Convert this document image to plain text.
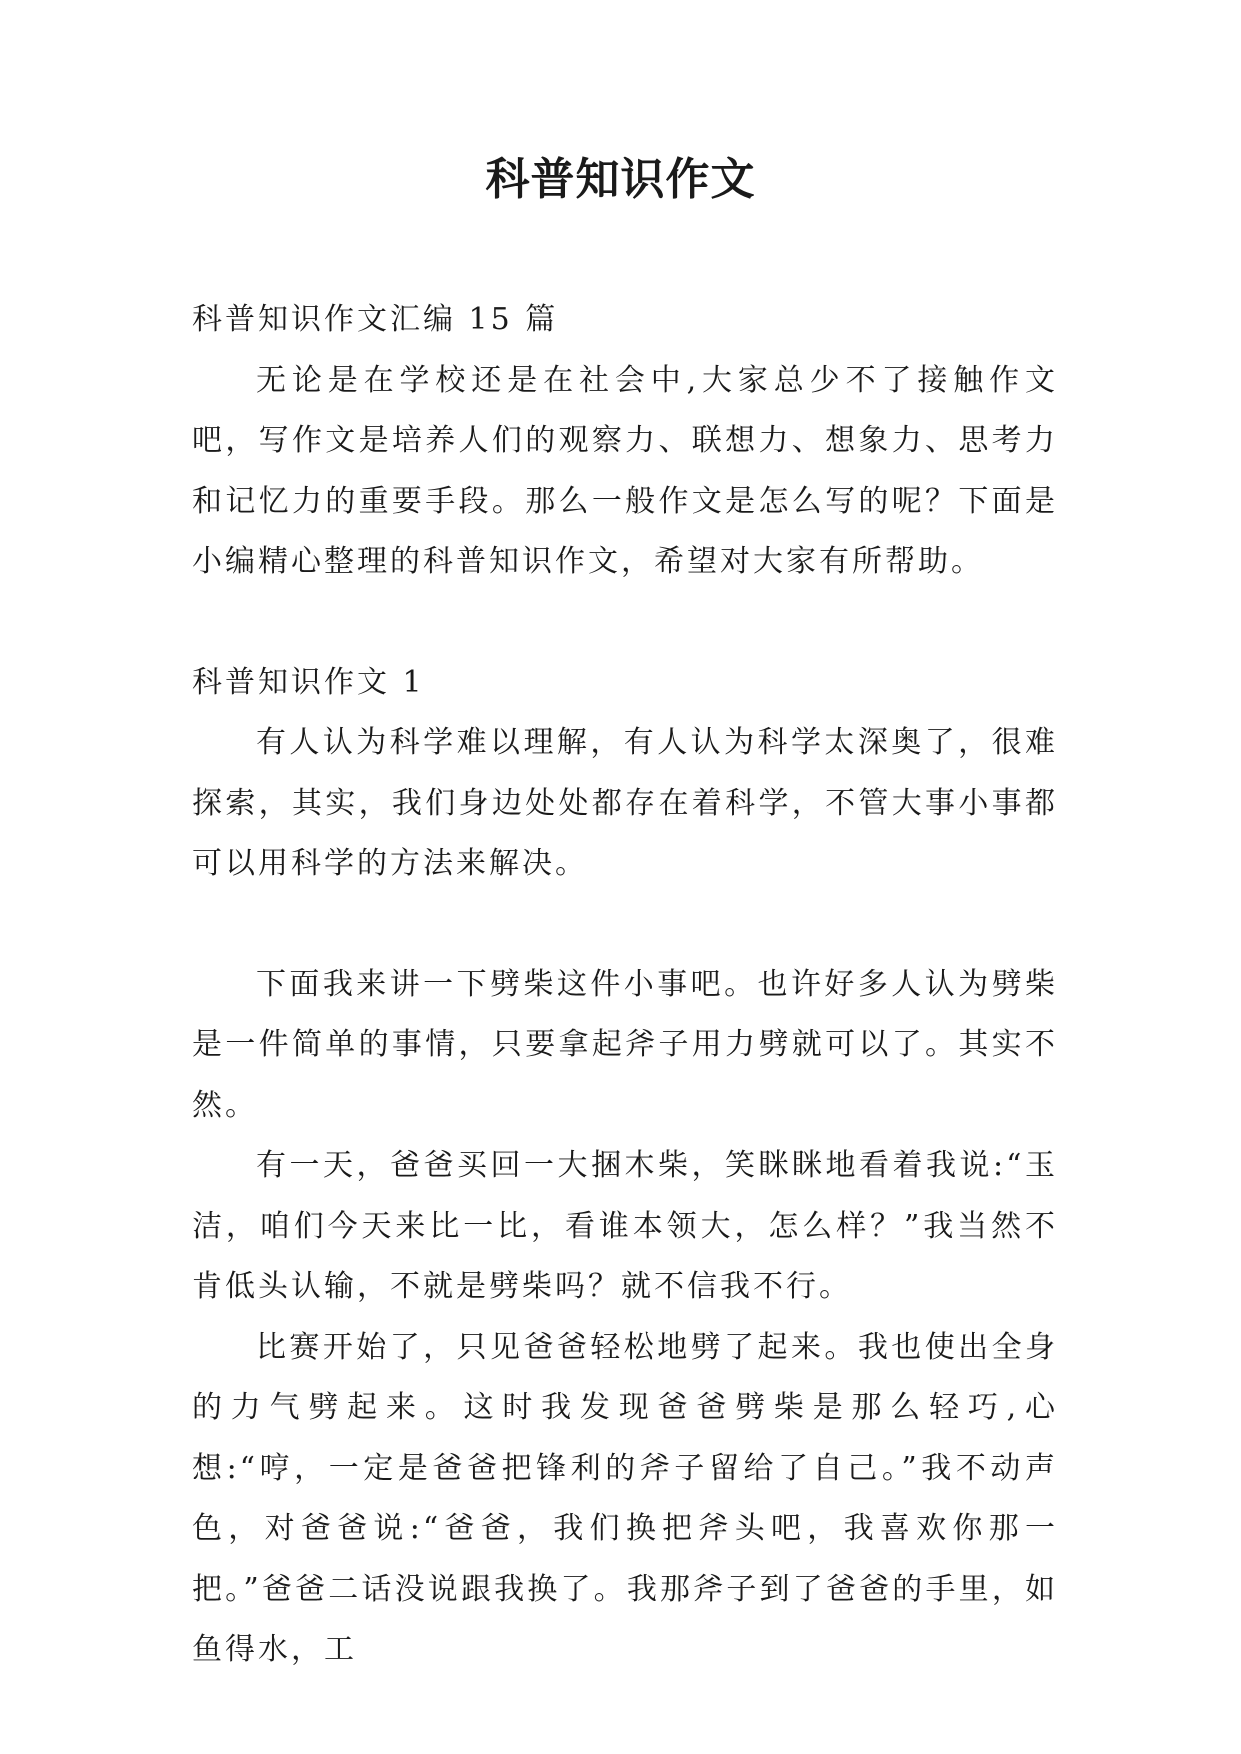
科普知识作文

科普知识作文汇编 15 篇

无论是在学校还是在社会中,大家总少不了接触作文吧，写作文是培养人们的观察力、联想力、想象力、思考力和记忆力的重要手段。那么一般作文是怎么写的呢？下面是小编精心整理的科普知识作文，希望对大家有所帮助。

科普知识作文 1

有人认为科学难以理解，有人认为科学太深奥了，很难探索，其实，我们身边处处都存在着科学，不管大事小事都可以用科学的方法来解决。

下面我来讲一下劈柴这件小事吧。也许好多人认为劈柴是一件简单的事情，只要拿起斧子用力劈就可以了。其实不然。

有一天，爸爸买回一大捆木柴，笑眯眯地看着我说:“玉洁，咱们今天来比一比，看谁本领大，怎么样？”我当然不肯低头认输，不就是劈柴吗？就不信我不行。

比赛开始了，只见爸爸轻松地劈了起来。我也使出全身的力气劈起来。这时我发现爸爸劈柴是那么轻巧,心想:“哼，一定是爸爸把锋利的斧子留给了自己。”我不动声色，对爸爸说:“爸爸，我们换把斧头吧，我喜欢你那一把。”爸爸二话没说跟我换了。我那斧子到了爸爸的手里，如鱼得水，工
